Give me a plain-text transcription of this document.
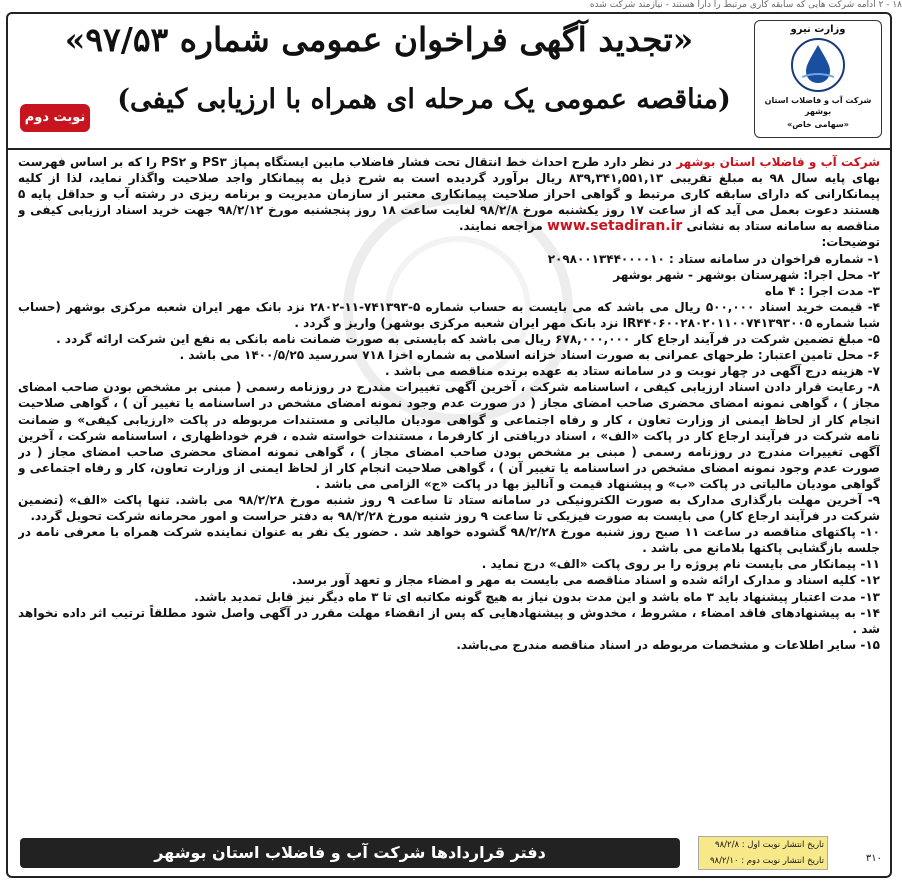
۱۸ - ۲ ادامه شرکت هایی که سابقه کاری مرتبط را دارا هستند - نیازمند شرکت شده
وزارت نیرو
شرکت آب و فاضلاب استان بوشهر
«سهامی خاص»
«تجدید آگهی فراخوان عمومی شماره ۹۷/۵۳»
(مناقصه عمومی یک مرحله ای همراه با ارزیابی کیفی)
نوبت دوم

شرکت آب و فاضلاب استان بوشهر در نظر دارد طرح احداث خط انتقال تحت فشار فاضلاب مابین ایستگاه پمپاژ PS۳ و PS۲ را که بر اساس فهرست بهای پایه سال ۹۸ به مبلغ تقریبی ۸۳۹,۳۴۱,۵۵۱,۱۳ ریال برآورد گردیده است به شرح ذیل به پیمانکار واجد صلاحیت واگذار نماید، لذا از کلیه پیمانکارانی که دارای سابقه کاری مرتبط و گواهی احراز صلاحیت پیمانکاری معتبر از سازمان مدیریت و برنامه ریزی در رشته آب و حداقل پایه ۵ هستند دعوت بعمل می آید که از ساعت ۱۷ روز یکشنبه مورخ ۹۸/۲/۸ لغایت ساعت ۱۸ روز پنجشنبه مورخ ۹۸/۲/۱۲ جهت خرید اسناد ارزیابی کیفی و مناقصه به سامانه ستاد به نشانی www.setadiran.ir مراجعه نمایند.

توضیحات:

۱- شماره فراخوان در سامانه ستاد : ۲۰۹۸۰۰۱۳۴۴۰۰۰۰۱۰

۲- محل اجرا: شهرستان بوشهر - شهر بوشهر

۳- مدت اجرا : ۴ ماه

۴- قیمت خرید اسناد ۵۰۰,۰۰۰ ریال می باشد که می بایست به حساب شماره ۵-۷۴۱۳۹۳-۱۱-۲۸۰۲ نزد بانک مهر ایران شعبه مرکزی بوشهر (حساب شبا شماره IR۴۴۰۶۰۰۲۸۰۲۰۱۱۰۰۷۴۱۳۹۳۰۰۵ نزد بانک مهر ایران شعبه مرکزی بوشهر) واریز و گردد .

۵- مبلغ تضمین شرکت در فرآیند ارجاع کار ۶۷۸,۰۰۰,۰۰۰ ریال می باشد که بایستی به صورت ضمانت نامه بانکی به نفع این شرکت ارائه گردد .

۶- محل تامین اعتبار: طرحهای عمرانی به صورت اسناد خزانه اسلامی به شماره اخزا ۷۱۸ سررسید ۱۴۰۰/۵/۲۵ می باشد .

۷- هزینه درج آگهی در چهار نوبت و در سامانه ستاد به عهده برنده مناقصه می باشد .

۸- رعایت قرار دادن اسناد ارزیابی کیفی ، اساسنامه شرکت ، آخرین آگهی تغییرات مندرج در روزنامه رسمی ( مبنی بر مشخص بودن صاحب امضای مجاز ) ، گواهی نمونه امضای محضری صاحب امضای مجاز ( در صورت عدم وجود نمونه امضای مشخص در اساسنامه یا تغییر آن ) ، گواهی صلاحیت انجام کار از لحاظ ایمنی از وزارت تعاون ، کار و رفاه اجتماعی و گواهی مودیان مالیاتی و مستندات مربوطه در پاکت «ارزیابی کیفی» و ضمانت نامه شرکت در فرآیند ارجاع کار در پاکت «الف» ، اسناد دریافتی از کارفرما ، مستندات خواسته شده ، فرم خوداظهاری ، اساسنامه شرکت ، آخرین آگهی تغییرات مندرج در روزنامه رسمی ( مبنی بر مشخص بودن صاحب امضای مجاز ) ، گواهی نمونه امضای محضری صاحب امضای مجاز ( در صورت عدم وجود نمونه امضای مشخص در اساسنامه یا تغییر آن ) ، گواهی صلاحیت انجام کار از لحاظ ایمنی از وزارت تعاون، کار و رفاه اجتماعی و گواهی مودیان مالیاتی در پاکت «ب» و پیشنهاد قیمت و آنالیز بها در پاکت «ج» الزامی می باشد .

۹- آخرین مهلت بارگذاری مدارک به صورت الکترونیکی در سامانه ستاد تا ساعت ۹ روز شنبه مورخ ۹۸/۲/۲۸ می باشد. تنها پاکت «الف» (تضمین شرکت در فرآیند ارجاع کار) می بایست به صورت فیزیکی تا ساعت ۹ روز شنبه مورخ ۹۸/۲/۲۸ به دفتر حراست و امور محرمانه شرکت تحویل گردد.

۱۰- پاکتهای مناقصه در ساعت ۱۱ صبح روز شنبه مورخ ۹۸/۲/۲۸ گشوده خواهد شد . حضور یک نفر به عنوان نماینده شرکت همراه با معرفی نامه در جلسه بازگشایی پاکتها بلامانع می باشد .

۱۱- پیمانکار می بایست نام پروژه را بر روی پاکت «الف» درج نماید .

۱۲- کلیه اسناد و مدارک ارائه شده و اسناد مناقصه می بایست به مهر و امضاء مجاز و تعهد آور برسد.

۱۳- مدت اعتبار پیشنهاد باید ۳ ماه باشد و این مدت بدون نیاز به هیچ گونه مکاتبه ای تا ۳ ماه دیگر نیز قابل تمدید باشد.

۱۴- به پیشنهادهای فاقد امضاء ، مشروط ، مخدوش و پیشنهادهایی که پس از انقضاء مهلت مقرر در آگهی واصل شود مطلقاً ترتیب اثر داده نخواهد شد .

۱۵- سایر اطلاعات و مشخصات مربوطه در اسناد مناقصه مندرج می‌باشد.

دفتر قراردادها شرکت آب و فاضلاب استان بوشهر	تاریخ انتشار نوبت اول : ۹۸/۲/۸
تاریخ انتشار نوبت دوم : ۹۸/۲/۱۰	۳۱۰
